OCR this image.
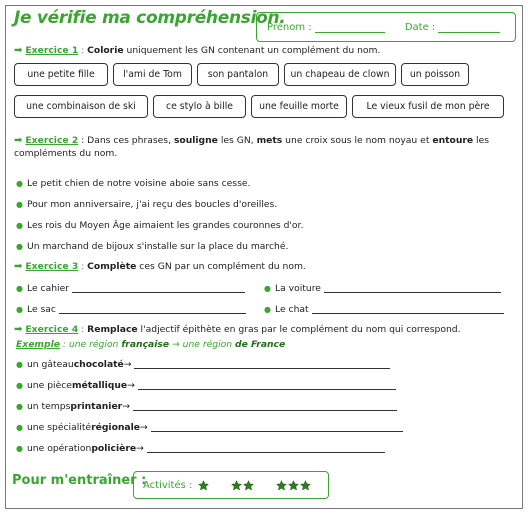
Je vérifie ma compréhension.
Prénom :	Date :
➡ Exercice 1 : Colorie uniquement les GN contenant un complément du nom.
une petite fille	l'ami de Tom	son pantalon	un chapeau de clown	un poisson
une combinaison de ski	ce stylo à bille	une feuille morte	Le vieux fusil de mon père
➡ Exercice 2 : Dans ces phrases, souligne les GN, mets une croix sous le nom noyau et entoure les compléments du nom.
● Le petit chien de notre voisine aboie sans cesse.
● Pour mon anniversaire, j'ai reçu des boucles d'oreilles.
● Les rois du Moyen Âge aimaient les grandes couronnes d'or.
● Un marchand de bijoux s'installe sur la place du marché.
➡ Exercice 3 : Complète ces GN par un complément du nom.
● Le cahier	● La voiture
● Le sac	● Le chat
➡ Exercice 4 : Remplace l'adjectif épithète en gras par le complément du nom qui correspond.
Exemple : une région française → une région de France
● un gâteau chocolaté →
● une pièce métallique →
● un temps printanier →
● une spécialité régionale →
● une opération policière →
Pour m'entraîner :
Activités :
